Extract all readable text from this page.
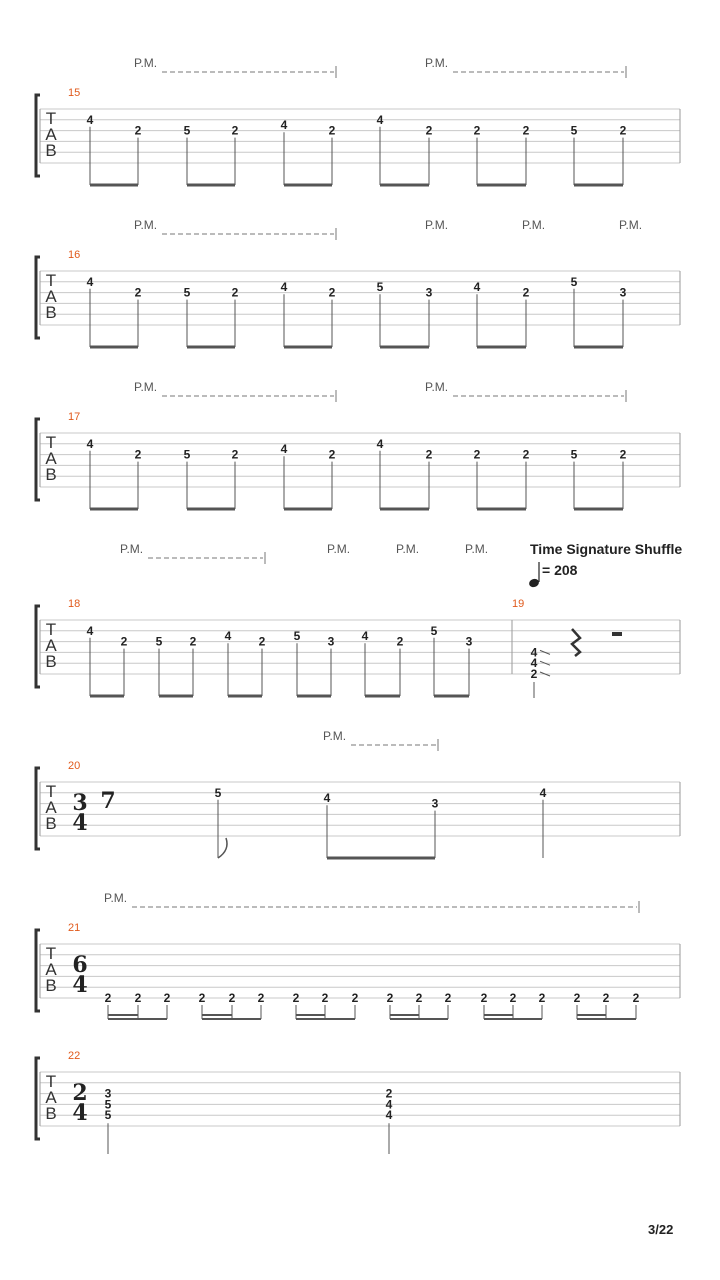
T
A
B
15
P.M.	P.M.
4
2	5	2	4	2
4
2	2	2	5	2
T
A
B
16
P.M.	P.M.	P.M.	P.M.
4
2	5	2	4	2	5	3	4	2
5
3
T
A
B
17
P.M.	P.M.
4
2	5	2	4	2
4
2	2	2	5	2
T
A
B
18	19
P.M.	P.M.	P.M.	P.M.
4
2 5 2 4 2 5 3 4 2
5
3
4
4
2
T
A
B
20
3
4
P.M.
5	4	3
4
7
T
A
B
21
6
4
P.M.
2 2 2 2 2 2 2 2 2 2 2 2 2 2 2 2 2 2
T
A
B
22
2
4
3
5
5
2
4
4
Time Signature Shuffle
= 208
3/22
